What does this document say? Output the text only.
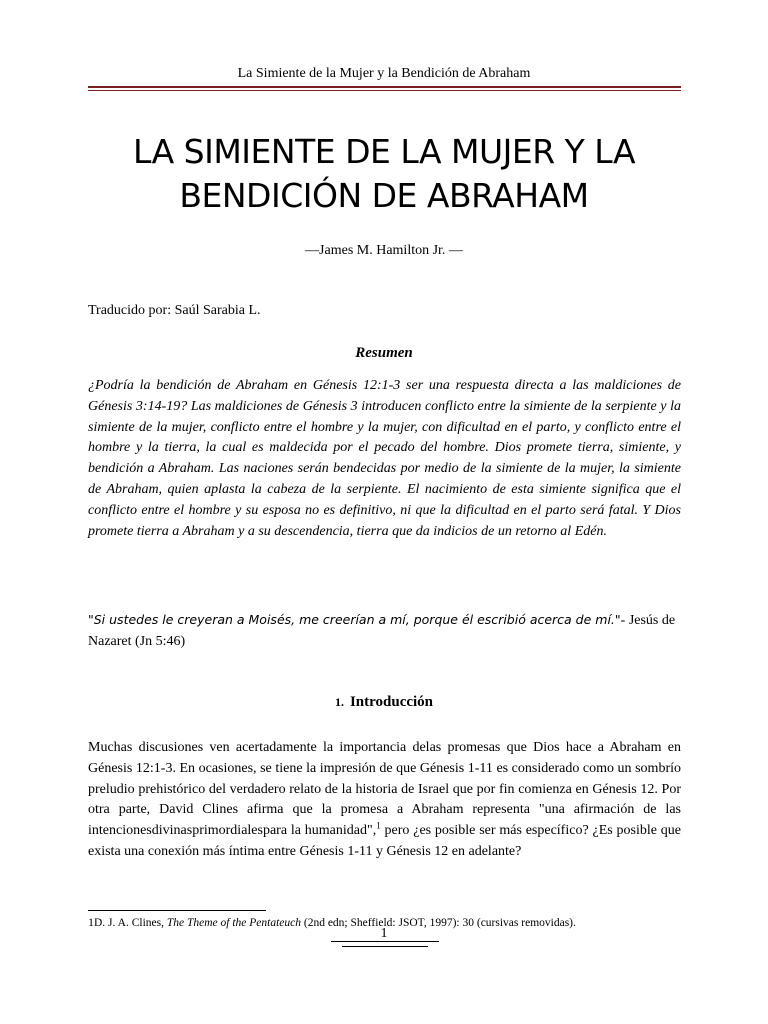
La Simiente de la Mujer y la Bendición de Abraham
LA SIMIENTE DE LA MUJER Y LA
BENDICIÓN DE ABRAHAM
—James M. Hamilton Jr. —
Traducido por: Saúl Sarabia L.
Resumen

¿Podría la bendición de Abraham en Génesis 12:1-3 ser una respuesta directa a las maldiciones de Génesis 3:14-19? Las maldiciones de Génesis 3 introducen conflicto entre la simiente de la serpiente y la simiente de la mujer, conflicto entre el hombre y la mujer, con dificultad en el parto, y conflicto entre el hombre y la tierra, la cual es maldecida por el pecado del hombre. Dios promete tierra, simiente, y bendición a Abraham. Las naciones serán bendecidas por medio de la simiente de la mujer, la simiente de Abraham, quien aplasta la cabeza de la serpiente. El nacimiento de esta simiente significa que el conflicto entre el hombre y su esposa no es definitivo, ni que la dificultad en el parto será fatal. Y Dios promete tierra a Abraham y a su descendencia, tierra que da indicios de un retorno al Edén.

"Si ustedes le creyeran a Moisés, me creerían a mí, porque él escribió acerca de mí."- Jesús de Nazaret (Jn 5:46)

1. Introducción

Muchas discusiones ven acertadamente la importancia delas promesas que Dios hace a Abraham en Génesis 12:1-3. En ocasiones, se tiene la impresión de que Génesis 1-11 es considerado como un sombrío preludio prehistórico del verdadero relato de la historia de Israel que por fin comienza en Génesis 12. Por otra parte, David Clines afirma que la promesa a Abraham representa "una afirmación de las intencionesdivinasprimordialespara la humanidad",$^1$ pero ¿es posible ser más específico? ¿Es posible que exista una conexión más íntima entre Génesis 1-11 y Génesis 12 en adelante?

1D. J. A. Clines, The Theme of the Pentateuch (2nd edn; Sheffield: JSOT, 1997): 30 (cursivas removidas).
1
